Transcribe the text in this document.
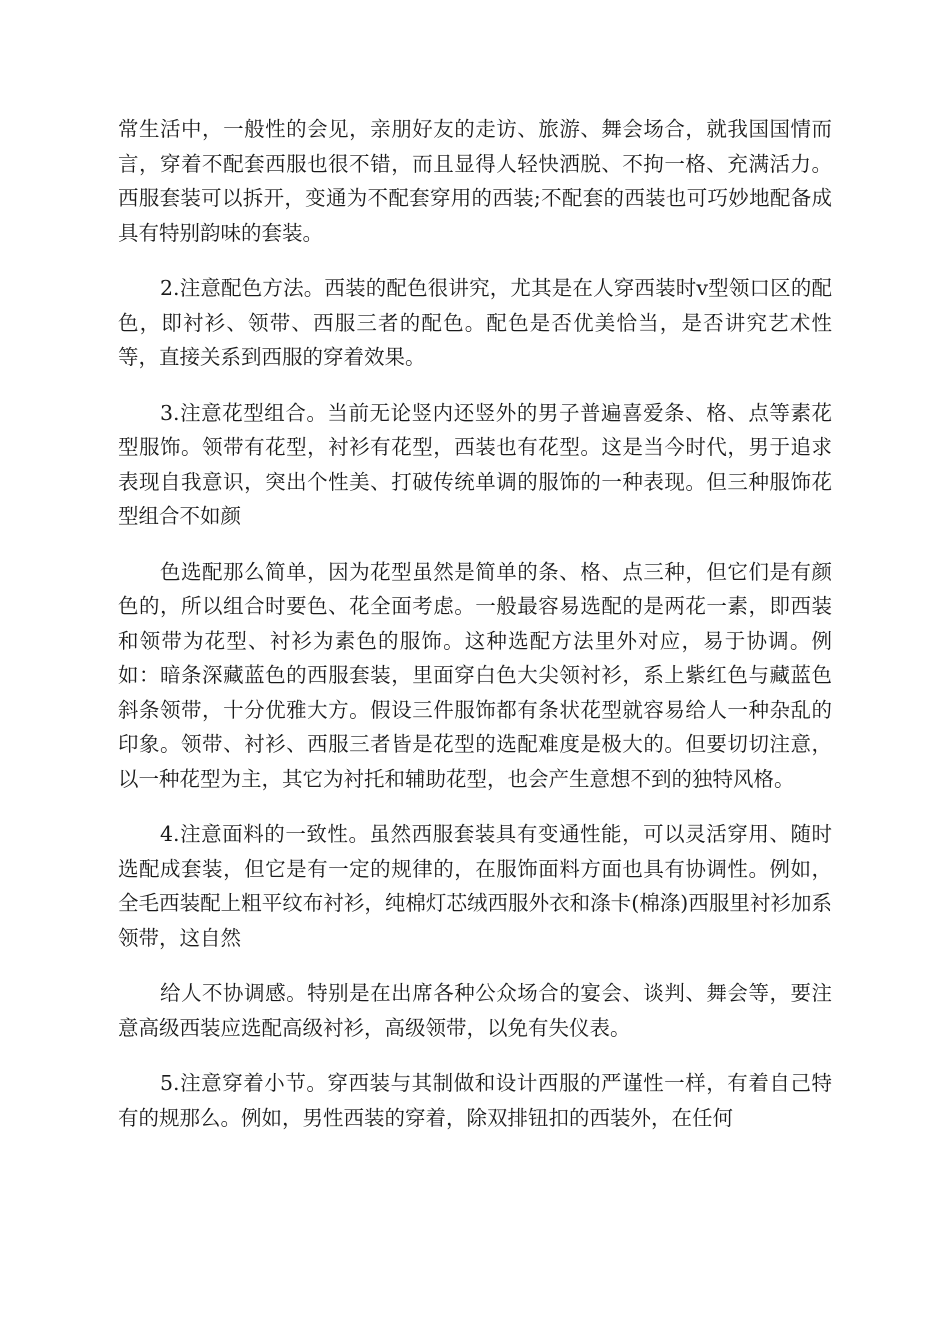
常生活中，一般性的会见，亲朋好友的走访、旅游、舞会场合，就我国国情而言，穿着不配套西服也很不错，而且显得人轻快洒脱、不拘一格、充满活力。西服套装可以拆开，变通为不配套穿用的西装;不配套的西装也可巧妙地配备成具有特别韵味的套装。

2.注意配色方法。西装的配色很讲究，尤其是在人穿西装时v型领口区的配色，即衬衫、领带、西服三者的配色。配色是否优美恰当，是否讲究艺术性等，直接关系到西服的穿着效果。

3.注意花型组合。当前无论竖内还竖外的男子普遍喜爱条、格、点等素花型服饰。领带有花型，衬衫有花型，西装也有花型。这是当今时代，男于追求表现自我意识，突出个性美、打破传统单调的服饰的一种表现。但三种服饰花型组合不如颜

色选配那么简单，因为花型虽然是简单的条、格、点三种，但它们是有颜色的，所以组合时要色、花全面考虑。一般最容易选配的是两花一素，即西装和领带为花型、衬衫为素色的服饰。这种选配方法里外对应，易于协调。例如：暗条深藏蓝色的西服套装，里面穿白色大尖领衬衫，系上紫红色与藏蓝色斜条领带，十分优雅大方。假设三件服饰都有条状花型就容易给人一种杂乱的印象。领带、衬衫、西服三者皆是花型的选配难度是极大的。但要切切注意，以一种花型为主，其它为衬托和辅助花型，也会产生意想不到的独特风格。

4.注意面料的一致性。虽然西服套装具有变通性能，可以灵活穿用、随时选配成套装，但它是有一定的规律的，在服饰面料方面也具有协调性。例如，全毛西装配上粗平纹布衬衫，纯棉灯芯绒西服外衣和涤卡(棉涤)西服里衬衫加系领带，这自然

给人不协调感。特别是在出席各种公众场合的宴会、谈判、舞会等，要注意高级西装应选配高级衬衫，高级领带，以免有失仪表。

5.注意穿着小节。穿西装与其制做和设计西服的严谨性一样，有着自己特有的规那么。例如，男性西装的穿着，除双排钮扣的西装外，在任何
